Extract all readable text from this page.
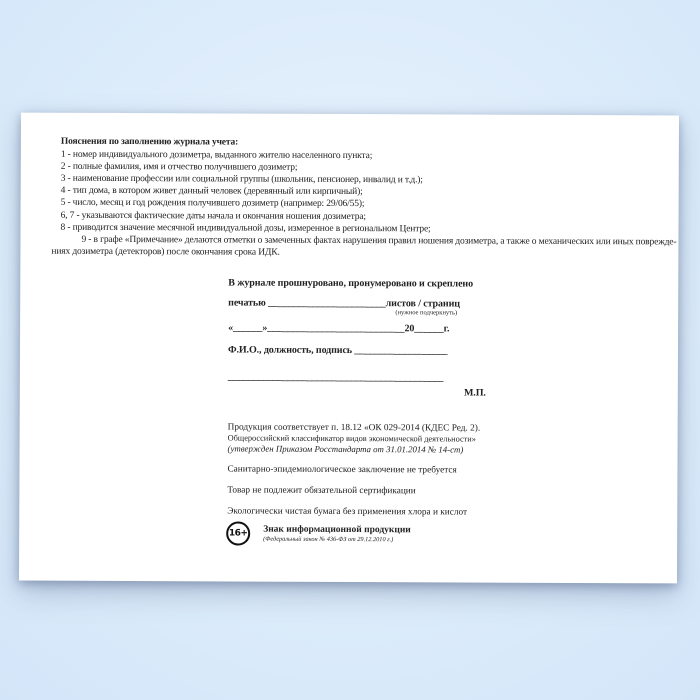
Пояснения по заполнению журнала учета:
1 - номер индивидуального дозиметра, выданного жителю населенного пункта;
2 - полные фамилия, имя и отчество получившего дозиметр;
3 - наименование профессии или социальной группы (школьник, пенсионер, инвалид и т.д.);
4 - тип дома, в котором живет данный человек (деревянный или кирпичный);
5 - число, месяц и год рождения получившего дозиметр (например: 29/06/55);
6, 7 - указываются фактические даты начала и окончания ношения дозиметра;
8 - приводится значение месячной индивидуальной дозы, измеренное в региональном Центре;
9 - в графе «Примечание» делаются отметки о замеченных фактах нарушения правил ношения дозиметра, а также о механических или иных поврежде-
ниях дозиметра (детекторов) после окончания срока ИДК.
В журнале прошнуровано, пронумеровано и скреплено
печатью ________________________листов / страниц
(нужное подчеркнуть)
«______»____________________________20______г.
Ф.И.О., должность, подпись ___________________
____________________________________________
М.П.
Продукция соответствует п. 18.12 «ОК 029-2014 (КДЕС Ред. 2).
Общероссийский классификатор видов экономической деятельности»
(утвержден Приказом Росстандарта от 31.01.2014 № 14-ст)
Санитарно-эпидемиологическое заключение не требуется
Товар не подлежит обязательной сертификации
Экологически чистая бумага без применения хлора и кислот
16+ Знак информационной продукции
(Федеральный закон № 436-ФЗ от 29.12.2010 г.)
